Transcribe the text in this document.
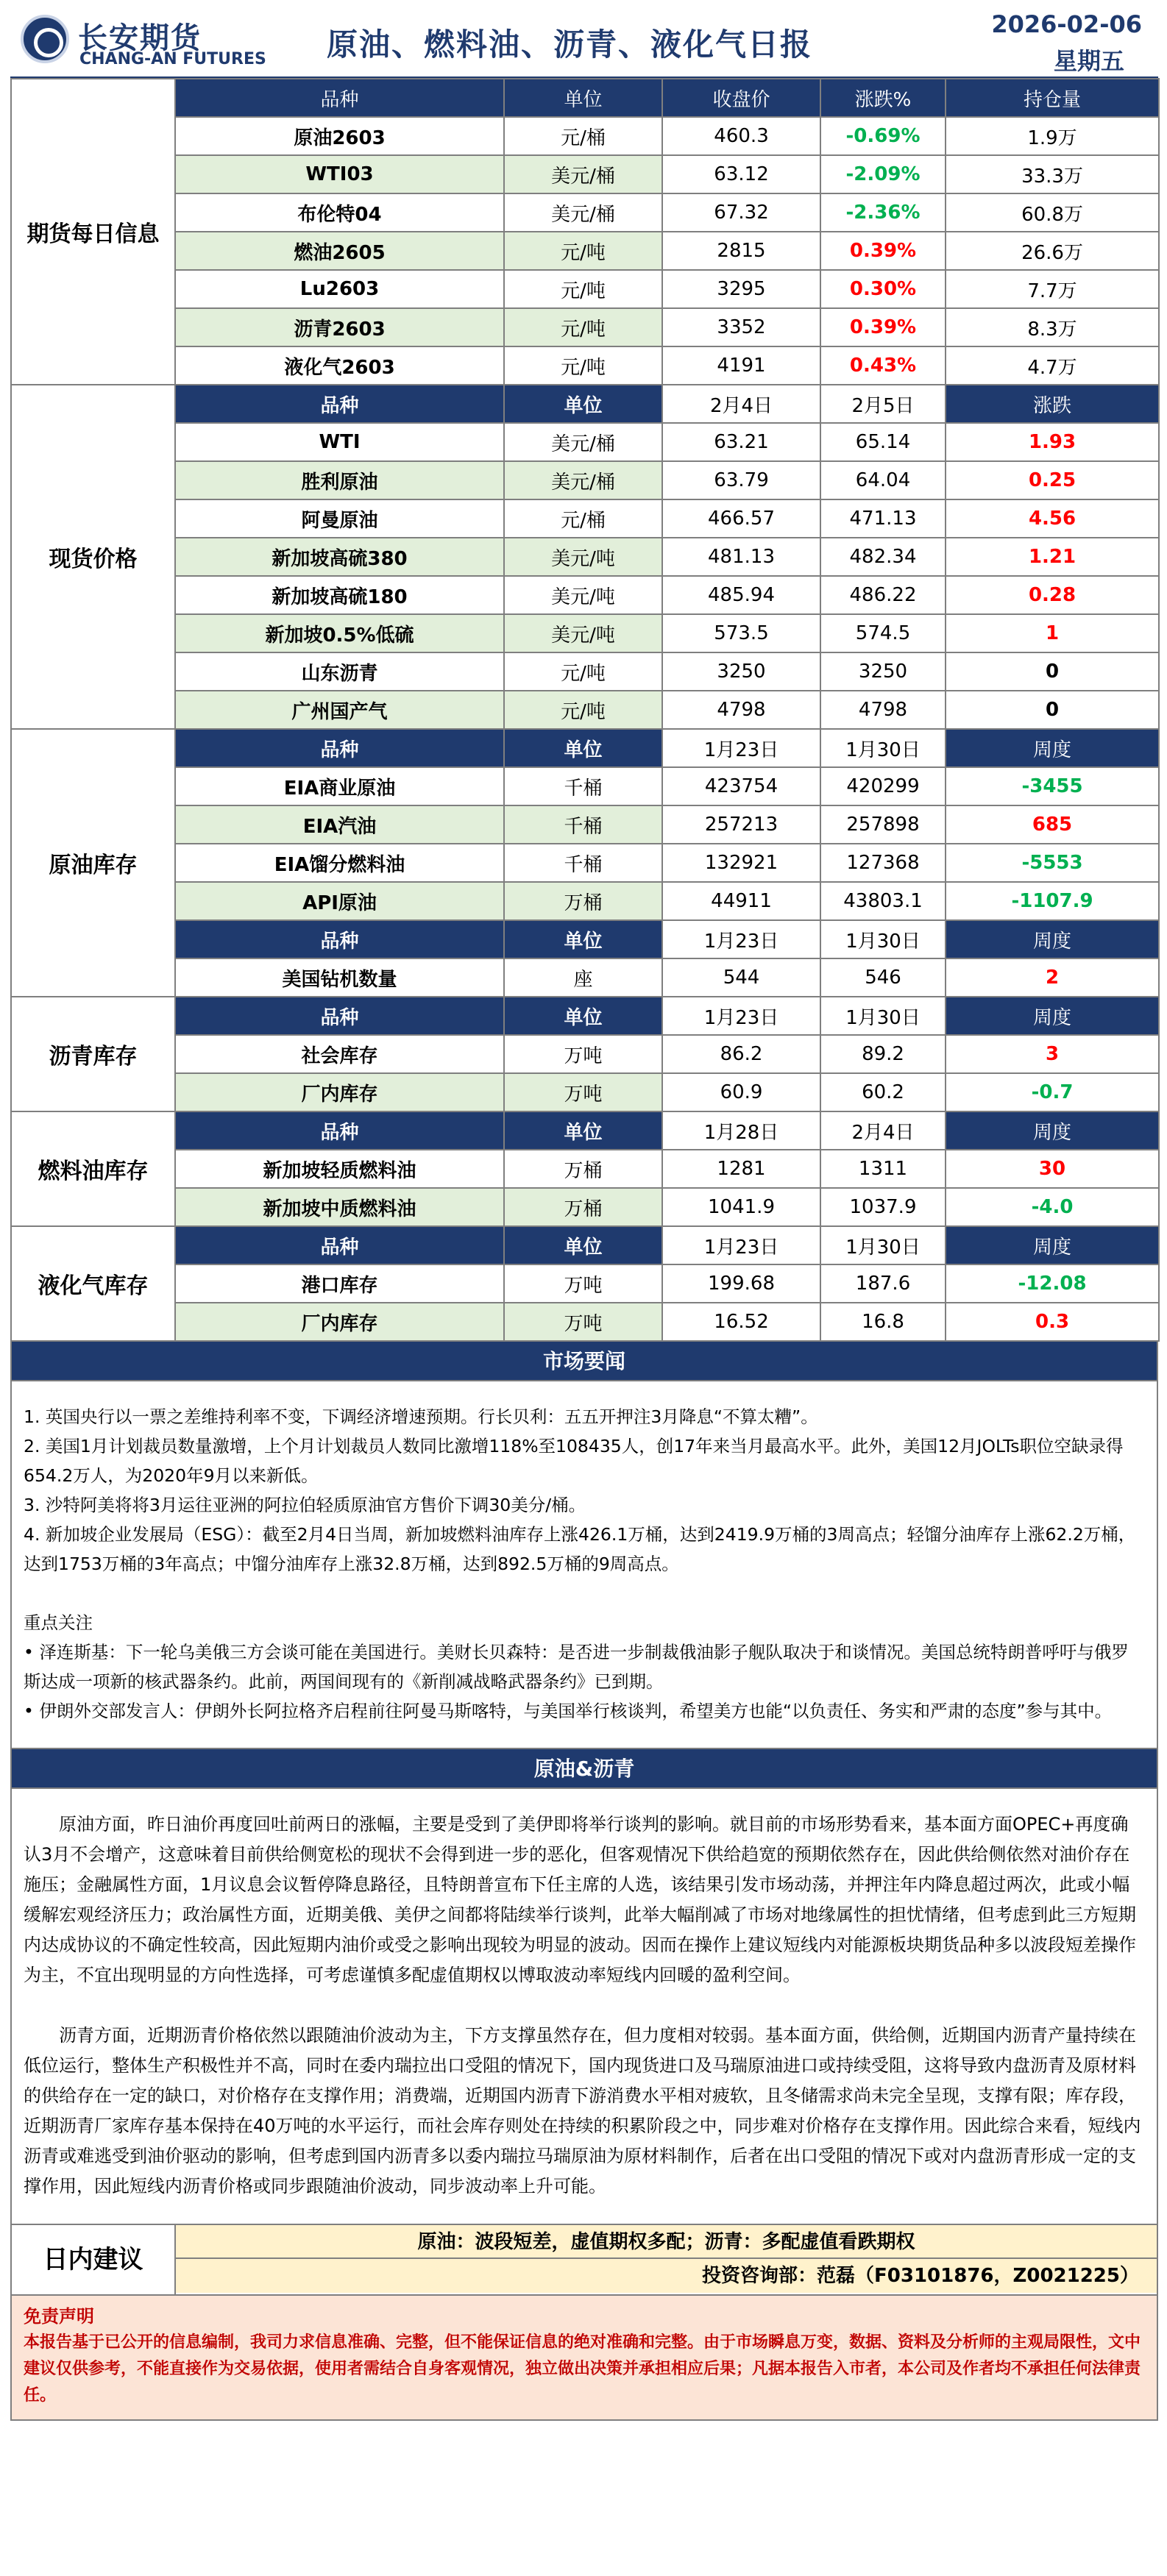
长安期货
CHANG-AN FUTURES 原油、燃料油、沥青、液化气日报
2026-02-06
星期五
期货每日信息	品种	单位	收盘价	涨跌%	持仓量	
	原油2603	元/桶	460.3	-0.69%	1.9万	
	WTI03	美元/桶	63.12	-2.09%	33.3万	
	布伦特04	美元/桶	67.32	-2.36%	60.8万	
	燃油2605	元/吨	2815	0.39%	26.6万	
	Lu2603	元/吨	3295	0.30%	7.7万	
	沥青2603	元/吨	3352	0.39%	8.3万	
	液化气2603	元/吨	4191	0.43%	4.7万	
现货价格	品种	单位	2月4日	2月5日	涨跌	
	WTI	美元/桶	63.21	65.14	1.93	
	胜利原油	美元/桶	63.79	64.04	0.25	
	阿曼原油	元/桶	466.57	471.13	4.56	
	新加坡高硫380	美元/吨	481.13	482.34	1.21	
	新加坡高硫180	美元/吨	485.94	486.22	0.28	
	新加坡0.5%低硫	美元/吨	573.5	574.5	1	
	山东沥青	元/吨	3250	3250	0	
	广州国产气	元/吨	4798	4798	0	
原油库存	品种	单位	1月23日	1月30日	周度	
	EIA商业原油	千桶	423754	420299	-3455	

	EIA汽油	千桶	257213	257898	685	

	EIA馏分燃料油	千桶	132921	127368	-5553	

	API原油	万桶	44911	43803.1	-1107.9	

	品种	单位	1月23日	1月30日	周度	
	美国钻机数量	座	544	546	2	

沥青库存	品种	单位	1月23日	1月30日	周度	
	社会库存	万吨	86.2	89.2	3	

	厂内库存	万吨	60.9	60.2	-0.7	

燃料油库存	品种	单位	1月28日	2月4日	周度	
	新加坡轻质燃料油	万桶	1281	1311	30	

	新加坡中质燃料油	万桶	1041.9	1037.9	-4.0	

液化气库存	品种	单位	1月23日	1月30日	周度	
	港口库存	万吨	199.68	187.6	-12.08	

	厂内库存	万吨	16.52	16.8	0.3	
市场要闻

1. 英国央行以一票之差维持利率不变，下调经济增速预期。行长贝利：五五开押注3月降息“不算太糟”。

2. 美国1月计划裁员数量激增，上个月计划裁员人数同比激增118%至108435人，创17年来当月最高水平。此外，美国12月JOLTs职位空缺录得654.2万人，为2020年9月以来新低。

3. 沙特阿美将将3月运往亚洲的阿拉伯轻质原油官方售价下调30美分/桶。

4. 新加坡企业发展局（ESG）：截至2月4日当周，新加坡燃料油库存上涨426.1万桶，达到2419.9万桶的3周高点；轻馏分油库存上涨62.2万桶，达到1753万桶的3年高点；中馏分油库存上涨32.8万桶，达到892.5万桶的9周高点。

重点关注

• 泽连斯基：下一轮乌美俄三方会谈可能在美国进行。美财长贝森特：是否进一步制裁俄油影子舰队取决于和谈情况。美国总统特朗普呼吁与俄罗斯达成一项新的核武器条约。此前，两国间现有的《新削减战略武器条约》已到期。

• 伊朗外交部发言人：伊朗外长阿拉格齐启程前往阿曼马斯喀特，与美国举行核谈判，希望美方也能“以负责任、务实和严肃的态度”参与其中。

原油&沥青

原油方面，昨日油价再度回吐前两日的涨幅，主要是受到了美伊即将举行谈判的影响。就目前的市场形势看来，基本面方面OPEC+再度确认3月不会增产，这意味着目前供给侧宽松的现状不会得到进一步的恶化，但客观情况下供给趋宽的预期依然存在，因此供给侧依然对油价存在施压；金融属性方面，1月议息会议暂停降息路径，且特朗普宣布下任主席的人选，该结果引发市场动荡，并押注年内降息超过两次，此或小幅缓解宏观经济压力；政治属性方面，近期美俄、美伊之间都将陆续举行谈判，此举大幅削减了市场对地缘属性的担忧情绪，但考虑到此三方短期内达成协议的不确定性较高，因此短期内油价或受之影响出现较为明显的波动。因而在操作上建议短线内对能源板块期货品种多以波段短差操作为主，不宜出现明显的方向性选择，可考虑谨慎多配虚值期权以博取波动率短线内回暖的盈利空间。

沥青方面，近期沥青价格依然以跟随油价波动为主，下方支撑虽然存在，但力度相对较弱。基本面方面，供给侧，近期国内沥青产量持续在低位运行，整体生产积极性并不高，同时在委内瑞拉出口受阻的情况下，国内现货进口及马瑞原油进口或持续受阻，这将导致内盘沥青及原材料的供给存在一定的缺口，对价格存在支撑作用；消费端，近期国内沥青下游消费水平相对疲软，且冬储需求尚未完全呈现，支撑有限；库存段，近期沥青厂家库存基本保持在40万吨的水平运行，而社会库存则处在持续的积累阶段之中，同步难对价格存在支撑作用。因此综合来看，短线内沥青或难逃受到油价驱动的影响，但考虑到国内沥青多以委内瑞拉马瑞原油为原材料制作，后者在出口受阻的情况下或对内盘沥青形成一定的支撑作用，因此短线内沥青价格或同步跟随油价波动，同步波动率上升可能。

日内建议
原油：波段短差，虚值期权多配；沥青：多配虚值看跌期权
投资咨询部：范磊（F03101876，Z0021225）
免责声明
本报告基于已公开的信息编制，我司力求信息准确、完整，但不能保证信息的绝对准确和完整。由于市场瞬息万变，数据、资料及分析师的主观局限性，文中建议仅供参考，不能直接作为交易依据，使用者需结合自身客观情况，独立做出决策并承担相应后果；凡据本报告入市者，本公司及作者均不承担任何法律责任。
